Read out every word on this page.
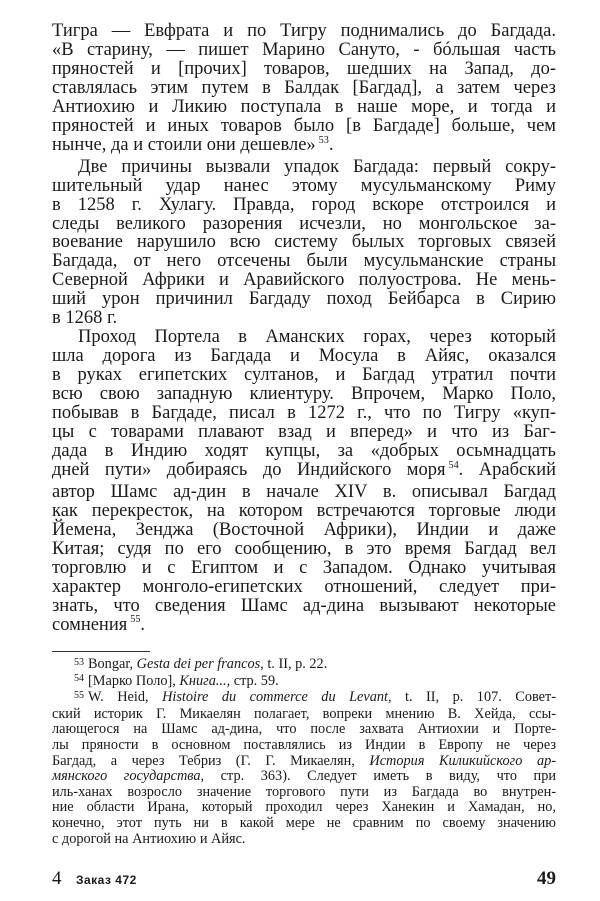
Тигра — Евфрата и по Тигру поднимались до Багдада.
«В старину, — пишет Марино Сануто, - бóльшая часть
пряностей и [прочих] товаров, шедших на Запад, до-
ставлялась этим путем в Балдак [Багдад], а затем через
Антиохию и Ликию поступала в наше море, и тогда и
пряностей и иных товаров было [в Багдаде] больше, чем
нынче, да и стоили они дешевле» $^{53}$.
Две причины вызвали упадок Багдада: первый сокру-
шительный удар нанес этому мусульманскому Риму
в 1258 г. Хулагу. Правда, город вскоре отстроился и
следы великого разорения исчезли, но монгольское за-
воевание нарушило всю систему былых торговых связей
Багдада, от него отсечены были мусульманские страны
Северной Африки и Аравийского полуострова. Не мень-
ший урон причинил Багдаду поход Бейбарса в Сирию
в 1268 г.
Проход Портела в Аманских горах, через который
шла дорога из Багдада и Мосула в Айяс, оказался
в руках египетских султанов, и Багдад утратил почти
всю свою западную клиентуру. Впрочем, Марко Поло,
побывав в Багдаде, писал в 1272 г., что по Тигру «куп-
цы с товарами плавают взад и вперед» и что из Баг-
дада в Индию ходят купцы, за «добрых осьмнадцать
дней пути» добираясь до Индийского моря $^{54}$. Арабский
автор Шамс ад-дин в начале XIV в. описывал Багдад
как перекресток, на котором встречаются торговые люди
Йемена, Зенджа (Восточной Африки), Индии и даже
Китая; судя по его сообщению, в это время Багдад вел
торговлю и с Египтом и с Западом. Однако учитывая
характер монголо-египетских отношений, следует при-
знать, что сведения Шамс ад-дина вызывают некоторые
сомнения $^{55}$.
$^{53}$ Bongar, Gesta dei per francos, t. II, p. 22.
$^{54}$ [Марко Поло], Книга..., стр. 59.
$^{55}$ W. Heid, Histoire du commerce du Levant, t. II, p. 107. Совет-
ский историк Г. Микаелян полагает, вопреки мнению В. Хейда, ссы-
лающегося на Шамс ад-дина, что после захвата Антиохии и Порте-
лы пряности в основном поставлялись из Индии в Европу не через
Багдад, а через Тебриз (Г. Г. Микаелян, История Киликийского ар-
мянского государства, стр. 363). Следует иметь в виду, что при
иль-ханах возросло значение торгового пути из Багдада во внутрен-
ние области Ирана, который проходил через Ханекин и Хамадан, но,
конечно, этот путь ни в какой мере не сравним по своему значению
с дорогой на Антиохию и Айяс.
4 Заказ 472	49
